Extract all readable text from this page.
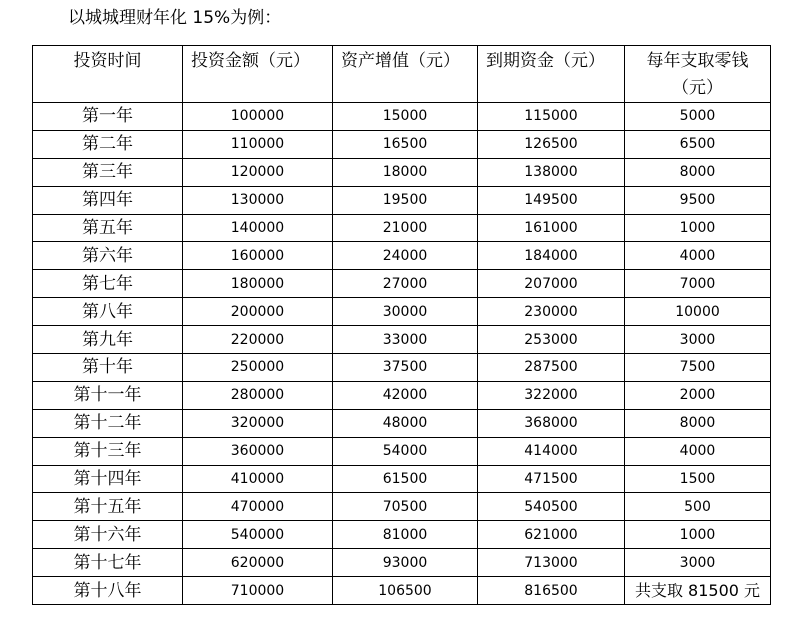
以城城理财年化 15%为例：
投资时间	投资金额（元）	资产增值（元）	到期资金（元）	每年支取零钱
（元）

第一年	100000	15000	115000	5000
第二年	110000	16500	126500	6500
第三年	120000	18000	138000	8000
第四年	130000	19500	149500	9500
第五年	140000	21000	161000	1000
第六年	160000	24000	184000	4000
第七年	180000	27000	207000	7000
第八年	200000	30000	230000	10000
第九年	220000	33000	253000	3000
第十年	250000	37500	287500	7500
第十一年	280000	42000	322000	2000
第十二年	320000	48000	368000	8000
第十三年	360000	54000	414000	4000
第十四年	410000	61500	471500	1500
第十五年	470000	70500	540500	500
第十六年	540000	81000	621000	1000
第十七年	620000	93000	713000	3000
第十八年	710000	106500	816500	共支取 81500 元
